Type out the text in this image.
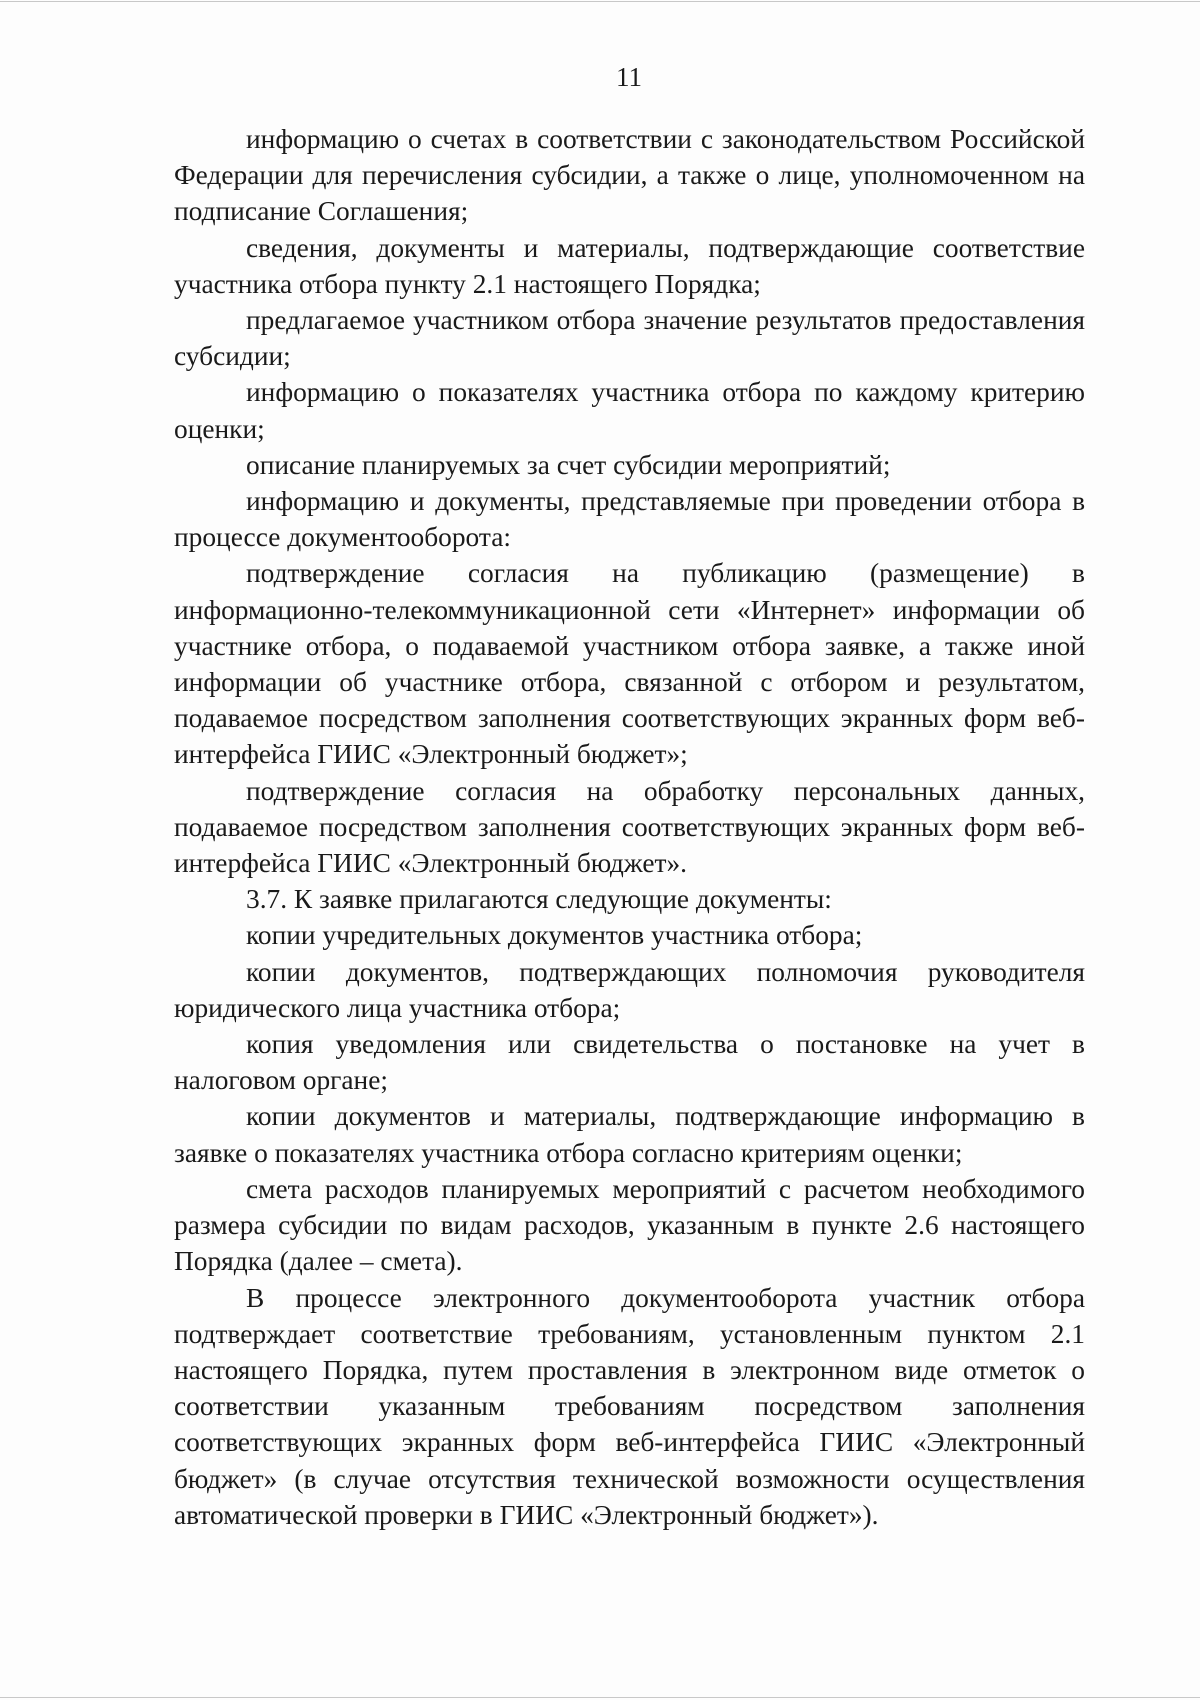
11

информацию о счетах в соответствии с законодательством Российской Федерации для перечисления субсидии, а также о лице, уполномоченном на подписание Соглашения;

сведения, документы и материалы, подтверждающие соответствие участника отбора пункту 2.1 настоящего Порядка;

предлагаемое участником отбора значение результатов предоставления субсидии;

информацию о показателях участника отбора по каждому критерию оценки;

описание планируемых за счет субсидии мероприятий;

информацию и документы, представляемые при проведении отбора в процессе документооборота:

подтверждение согласия на публикацию (размещение) в информационно-телекоммуникационной сети «Интернет» информации об участнике отбора, о подаваемой участником отбора заявке, а также иной информации об участнике отбора, связанной с отбором и результатом, подаваемое посредством заполнения соответствующих экранных форм веб-интерфейса ГИИС «Электронный бюджет»;

подтверждение согласия на обработку персональных данных, подаваемое посредством заполнения соответствующих экранных форм веб-интерфейса ГИИС «Электронный бюджет».

3.7. К заявке прилагаются следующие документы:

копии учредительных документов участника отбора;

копии документов, подтверждающих полномочия руководителя юридического лица участника отбора;

копия уведомления или свидетельства о постановке на учет в налоговом органе;

копии документов и материалы, подтверждающие информацию в заявке о показателях участника отбора согласно критериям оценки;

смета расходов планируемых мероприятий с расчетом необходимого размера субсидии по видам расходов, указанным в пункте 2.6 настоящего Порядка (далее – смета).

В процессе электронного документооборота участник отбора подтверждает соответствие требованиям, установленным пунктом 2.1 настоящего Порядка, путем проставления в электронном виде отметок о соответствии указанным требованиям посредством заполнения соответствующих экранных форм веб-интерфейса ГИИС «Электронный бюджет» (в случае отсутствия технической возможности осуществления автоматической проверки в ГИИС «Электронный бюджет»).
